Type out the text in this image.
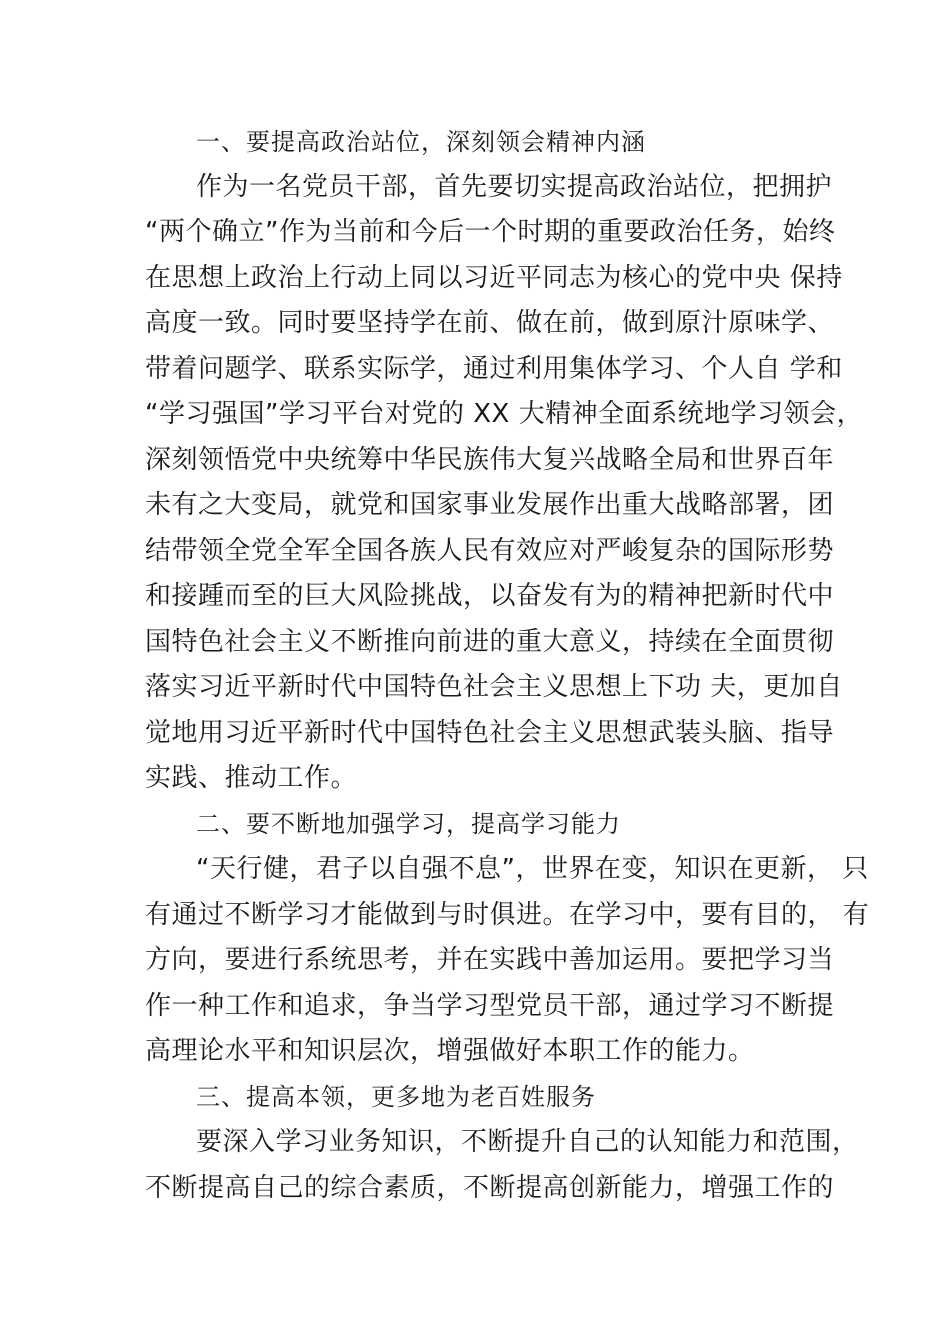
一、要提高政治站位，深刻领会精神内涵
作为一名党员干部，首先要切实提高政治站位，把拥护
“两个确立”作为当前和今后一个时期的重要政治任务，始终
在思想上政治上行动上同以习近平同志为核心的党中央 保持
高度一致。同时要坚持学在前、做在前，做到原汁原味学、
带着问题学、联系实际学，通过利用集体学习、个人自 学和
“学习强国”学习平台对党的 XX 大精神全面系统地学习领会，
深刻领悟党中央统筹中华民族伟大复兴战略全局和世界百年
未有之大变局，就党和国家事业发展作出重大战略部署，团
结带领全党全军全国各族人民有效应对严峻复杂的国际形势
和接踵而至的巨大风险挑战，以奋发有为的精神把新时代中
国特色社会主义不断推向前进的重大意义，持续在全面贯彻
落实习近平新时代中国特色社会主义思想上下功 夫，更加自
觉地用习近平新时代中国特色社会主义思想武装头脑、指导
实践、推动工作。
二、要不断地加强学习，提高学习能力
“天行健，君子以自强不息”，世界在变，知识在更新， 只
有通过不断学习才能做到与时俱进。在学习中，要有目的， 有
方向，要进行系统思考，并在实践中善加运用。要把学习当
作一种工作和追求，争当学习型党员干部，通过学习不断提
高理论水平和知识层次，增强做好本职工作的能力。
三、提高本领，更多地为老百姓服务
要深入学习业务知识，不断提升自己的认知能力和范围，
不断提高自己的综合素质，不断提高创新能力，增强工作的
